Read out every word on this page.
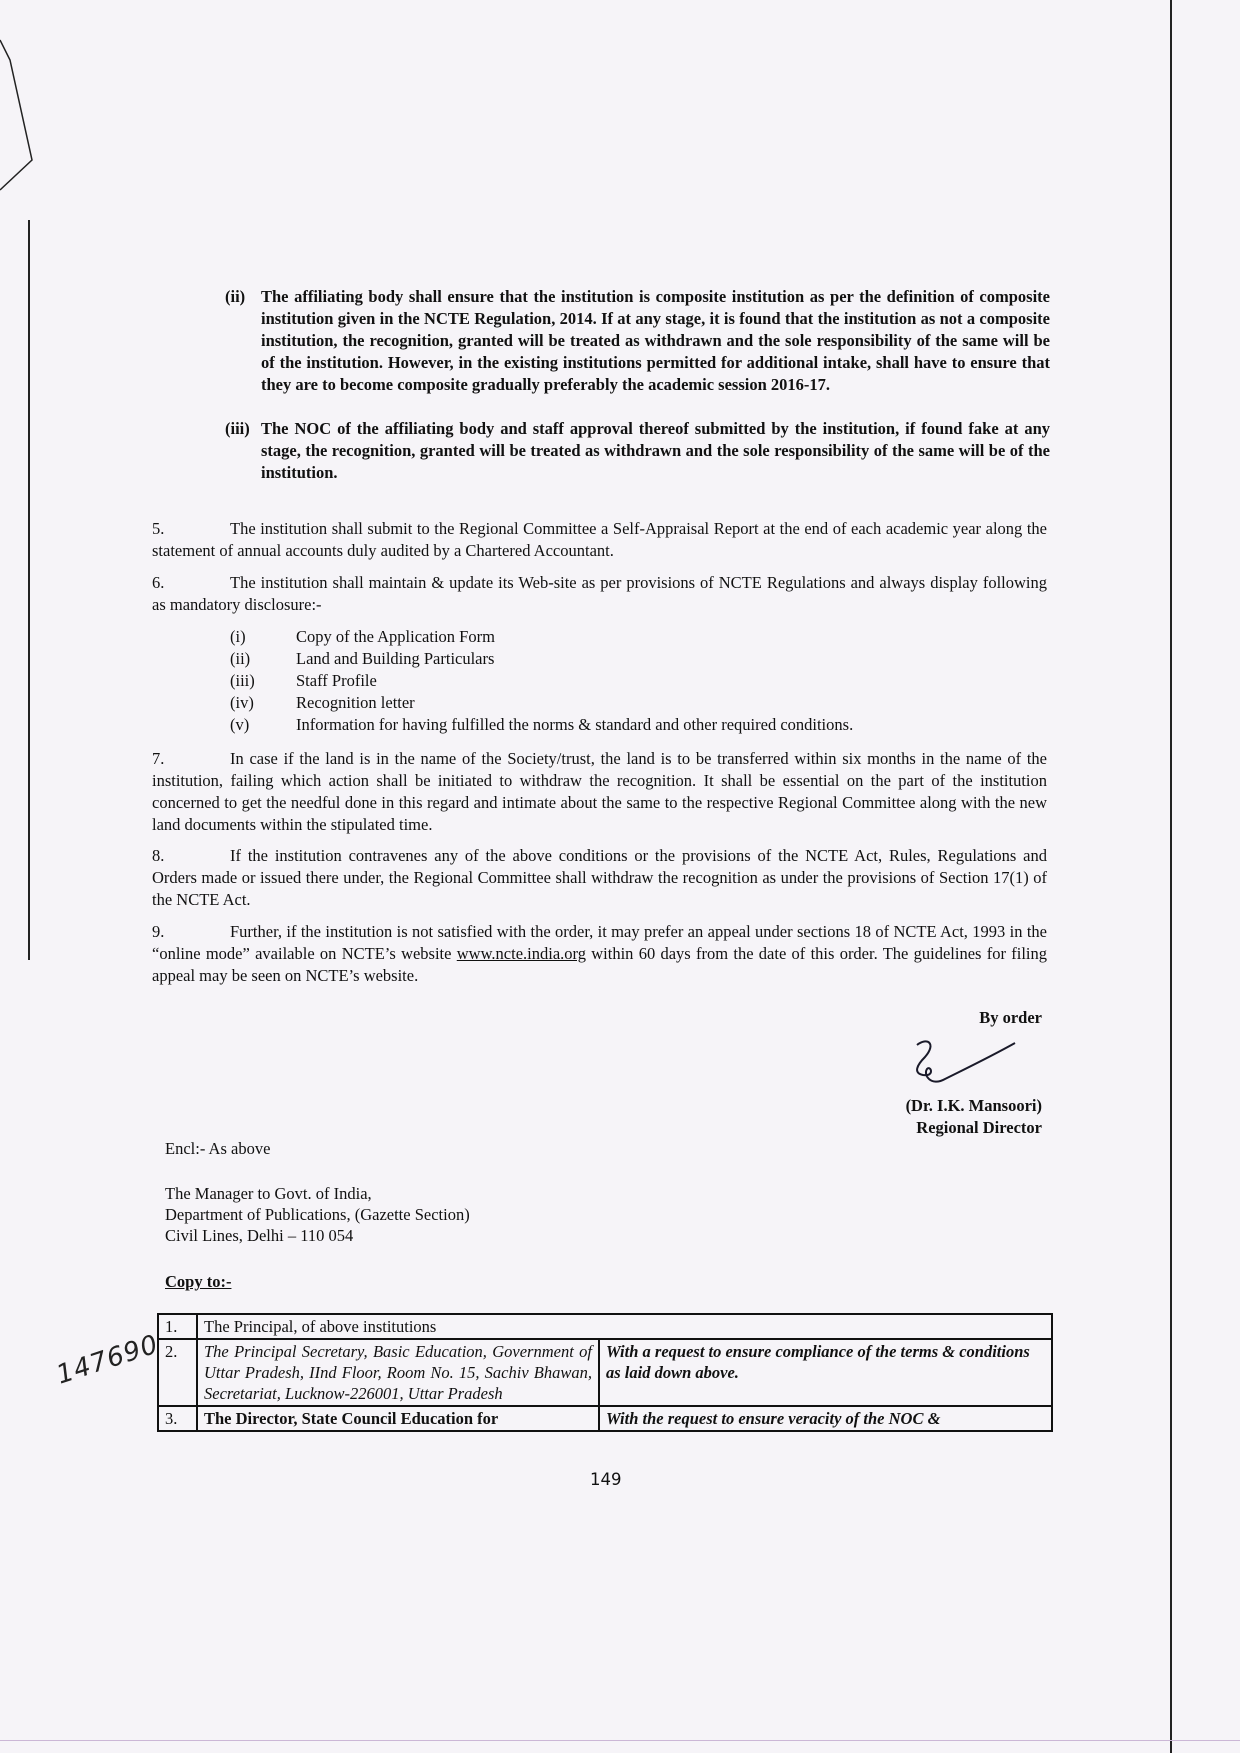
(ii) The affiliating body shall ensure that the institution is composite institution as per the definition of composite institution given in the NCTE Regulation, 2014. If at any stage, it is found that the institution as not a composite institution, the recognition, granted will be treated as withdrawn and the sole responsibility of the same will be of the institution. However, in the existing institutions permitted for additional intake, shall have to ensure that they are to become composite gradually preferably the academic session 2016-17.
(iii) The NOC of the affiliating body and staff approval thereof submitted by the institution, if found fake at any stage, the recognition, granted will be treated as withdrawn and the sole responsibility of the same will be of the institution.
5.	The institution shall submit to the Regional Committee a Self-Appraisal Report at the end of each academic year along the statement of annual accounts duly audited by a Chartered Accountant.
6.	The institution shall maintain & update its Web-site as per provisions of NCTE Regulations and always display following as mandatory disclosure:-
(i)	Copy of the Application Form
(ii)	Land and Building Particulars
(iii)	Staff Profile
(iv)	Recognition letter
(v)	Information for having fulfilled the norms & standard and other required conditions.
7.	In case if the land is in the name of the Society/trust, the land is to be transferred within six months in the name of the institution, failing which action shall be initiated to withdraw the recognition. It shall be essential on the part of the institution concerned to get the needful done in this regard and intimate about the same to the respective Regional Committee along with the new land documents within the stipulated time.
8.	If the institution contravenes any of the above conditions or the provisions of the NCTE Act, Rules, Regulations and Orders made or issued there under, the Regional Committee shall withdraw the recognition as under the provisions of Section 17(1) of the NCTE Act.
9.	Further, if the institution is not satisfied with the order, it may prefer an appeal under sections 18 of NCTE Act, 1993 in the “online mode” available on NCTE’s website www.ncte.india.org within 60 days from the date of this order. The guidelines for filing appeal may be seen on NCTE’s website.
By order
(Dr. I.K. Mansoori)
Regional Director
Encl:- As above
The Manager to Govt. of India,
Department of Publications, (Gazette Section)
Civil Lines, Delhi – 110 054
Copy to:-
1.	The Principal, of above institutions	
2.	The Principal Secretary, Basic Education, Government of Uttar Pradesh, IInd Floor, Room No. 15, Sachiv Bhawan, Secretariat, Lucknow-226001, Uttar Pradesh	With a request to ensure compliance of the terms & conditions as laid down above.
3.	The Director, State Council Education for	With the request to ensure veracity of the NOC &
147690
149
